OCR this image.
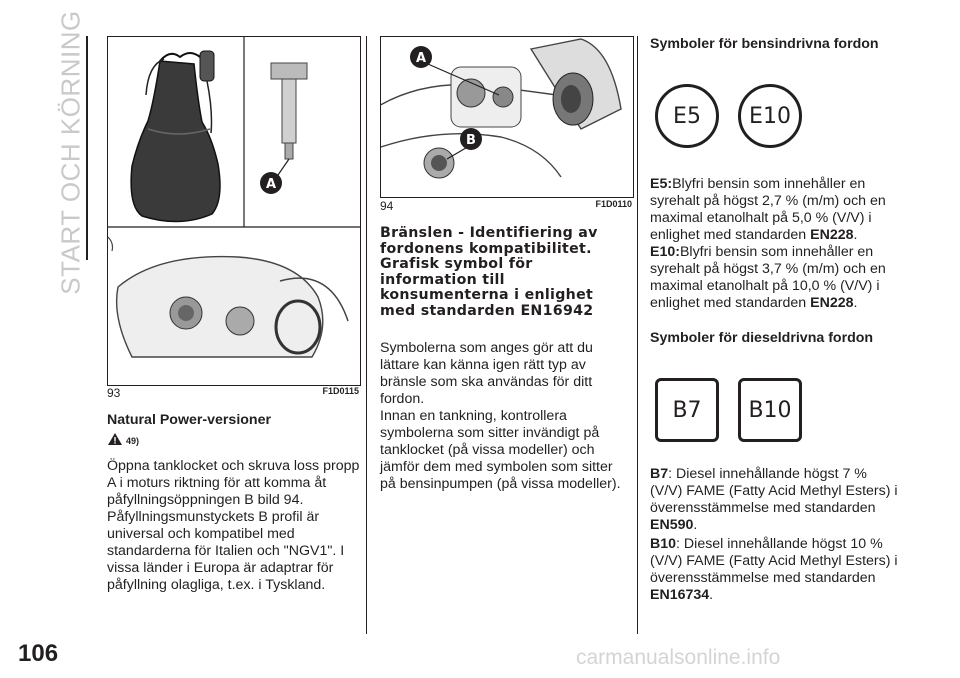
START OCH KÖRNING	A
93	F1D0115
Natural Power-versioner
49)
Öppna tanklocket och skruva loss propp A i moturs riktning för att komma åt påfyllningsöppningen B bild 94. Påfyllningsmunstyckets B profil är universal och kompatibel med standarderna för Italien och "NGV1". I vissa länder i Europa är adaptrar för påfyllning olagliga, t.ex. i Tyskland.
A
B
94	F1D0110
Bränslen - Identifiering av fordonens kompatibilitet. Grafisk symbol för information till konsumenterna i enlighet med standarden EN16942
Symbolerna som anges gör att du lättare kan känna igen rätt typ av bränsle som ska användas för ditt fordon.
Innan en tankning, kontrollera symbolerna som sitter invändigt på tanklocket (på vissa modeller) och jämför dem med symbolen som sitter på bensinpumpen (på vissa modeller).
Symboler för bensindrivna fordon
E5 E10
E5:Blyfri bensin som innehåller en syrehalt på högst 2,7 % (m/m) och en maximal etanolhalt på 5,0 % (V/V) i enlighet med standarden EN228.
E10:Blyfri bensin som innehåller en syrehalt på högst 3,7 % (m/m) och en maximal etanolhalt på 10,0 % (V/V) i enlighet med standarden EN228.
Symboler för dieseldrivna fordon
B7 B10
B7: Diesel innehållande högst 7 % (V/V) FAME (Fatty Acid Methyl Esters) i överensstämmelse med standarden EN590.
B10: Diesel innehållande högst 10 % (V/V) FAME (Fatty Acid Methyl Esters) i överensstämmelse med standarden EN16734.
106	carmanualsonline.info
